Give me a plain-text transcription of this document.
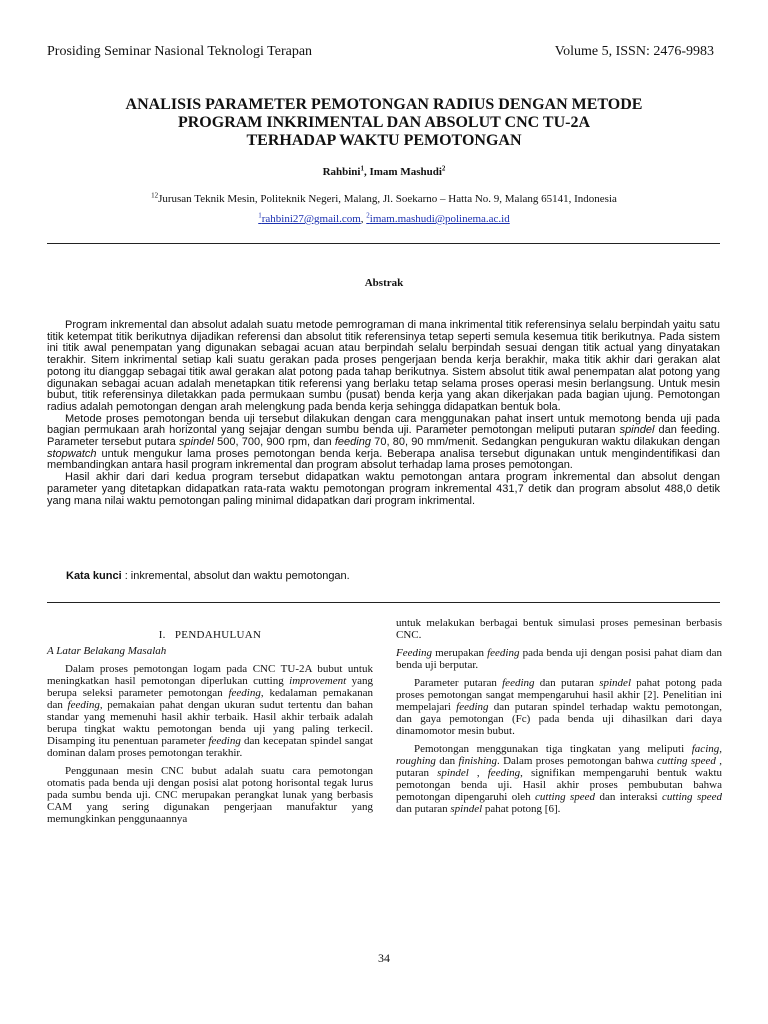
Prosiding Seminar Nasional Teknologi Terapan	Volume 5, ISSN: 2476-9983
ANALISIS PARAMETER PEMOTONGAN RADIUS DENGAN METODE
PROGRAM INKRIMENTAL DAN ABSOLUT CNC TU-2A
TERHADAP WAKTU PEMOTONGAN
Rahbini$^1$, Imam Mashudi$^2$
$^{12}$Jurusan Teknik Mesin, Politeknik Negeri, Malang, Jl. Soekarno – Hatta No. 9, Malang 65141, Indonesia
$^1$rahbini27@gmail.com, $^2$imam.mashudi@polinema.ac.id
Abstrak

Program inkremental dan absolut adalah suatu metode pemrograman di mana inkrimental titik referensinya selalu berpindah yaitu satu titik ketempat titik berikutnya dijadikan referensi dan absolut titik referensinya tetap seperti semula kesemua titik berikutnya. Pada sistem ini titik awal penempatan yang digunakan sebagai acuan atau berpindah selalu berpindah sesuai dengan titik actual yang dinyatakan terakhir. Sitem inkrimental setiap kali suatu gerakan pada proses pengerjaan benda kerja berakhir, maka titik akhir dari gerakan alat potong itu dianggap sebagai titik awal gerakan alat potong pada tahap berikutnya. Sistem absolut titik awal penempatan alat potong yang digunakan sebagai acuan adalah menetapkan titik referensi yang berlaku tetap selama proses operasi mesin berlangsung. Untuk mesin bubut, titik referensinya diletakkan pada permukaan sumbu (pusat) benda kerja yang akan dikerjakan pada bagian ujung. Pemotongan radius adalah pemotongan dengan arah melengkung pada benda kerja sehingga didapatkan bentuk bola.

Metode proses pemotongan benda uji tersebut dilakukan dengan cara menggunakan pahat insert untuk memotong benda uji pada bagian permukaan arah horizontal yang sejajar dengan sumbu benda uji. Parameter pemotongan meliputi putaran spindel dan feeding. Parameter tersebut putara spindel 500, 700, 900 rpm, dan feeding 70, 80, 90 mm/menit. Sedangkan pengukuran waktu dilakukan dengan stopwatch untuk mengukur lama proses pemotongan benda kerja. Beberapa analisa tersebut digunakan untuk mengindentifikasi dan membandingkan antara hasil program inkremental dan program absolut terhadap lama proses pemotongan.

Hasil akhir dari dari kedua program tersebut didapatkan waktu pemotongan antara program inkremental dan absolut dengan parameter yang ditetapkan didapatkan rata-rata waktu pemotongan program inkremental 431,7 detik dan program absolut 488,0 detik yang mana nilai waktu pemotongan paling minimal didapatkan dari program inkrimental.

Kata kunci : inkremental, absolut dan waktu pemotongan.
I. PENDAHULUAN
A Latar Belakang Masalah

Dalam proses pemotongan logam pada CNC TU-2A bubut untuk meningkatkan hasil pemotongan diperlukan cutting improvement yang berupa seleksi parameter pemotongan feeding, kedalaman pemakanan dan feeding, pemakaian pahat dengan ukuran sudut tertentu dan bahan standar yang memenuhi hasil akhir terbaik. Hasil akhir terbaik adalah berupa tingkat waktu pemotongan benda uji yang paling terkecil. Disamping itu penentuan parameter feeding dan kecepatan spindel sangat dominan dalam proses pemotongan terakhir.

Penggunaan mesin CNC bubut adalah suatu cara pemotongan otomatis pada benda uji dengan posisi alat potong horisontal tegak lurus pada sumbu benda uji. CNC merupakan perangkat lunak yang berbasis CAM yang sering digunakan pengerjaan manufaktur yang memungkinkan penggunaannya

untuk melakukan berbagai bentuk simulasi proses pemesinan berbasis CNC.

Feeding merupakan feeding pada benda uji dengan posisi pahat diam dan benda uji berputar.

Parameter putaran feeding dan putaran spindel pahat potong pada proses pemotongan sangat mempengaruhui hasil akhir [2]. Penelitian ini mempelajari feeding dan putaran spindel terhadap waktu pemotongan, dan gaya pemotongan (Fc) pada benda uji dihasilkan dari daya dinamomotor mesin bubut.

Pemotongan menggunakan tiga tingkatan yang meliputi facing, roughing dan finishing. Dalam proses pemotongan bahwa cutting speed , putaran spindel , feeding, signifikan mempengaruhi bentuk waktu pemotongan benda uji. Hasil akhir proses pembubutan bahwa pemotongan dipengaruhi oleh cutting speed dan interaksi cutting speed dan putaran spindel pahat potong [6].

34
